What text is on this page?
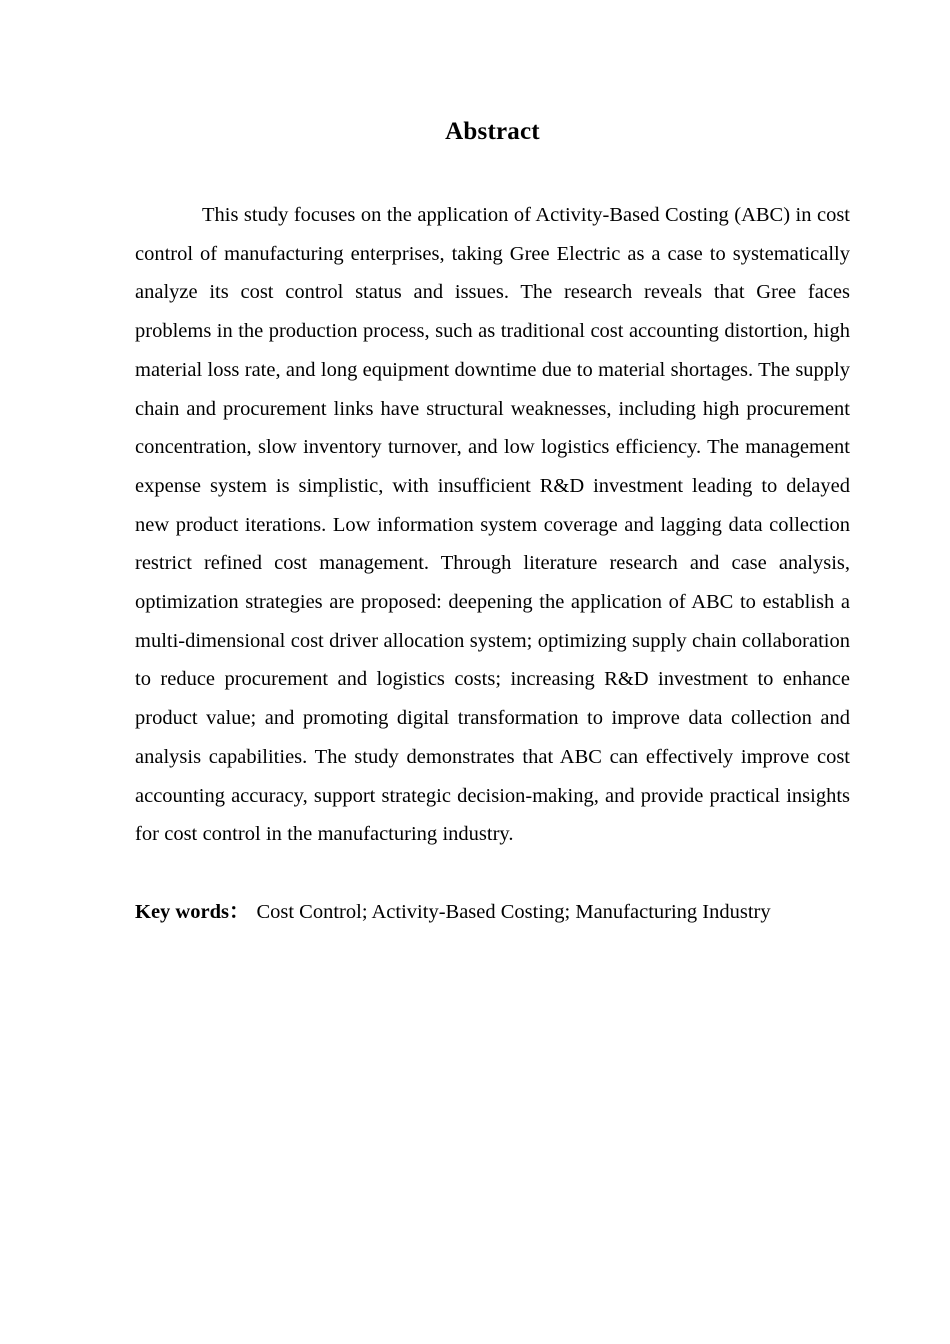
Abstract

This study focuses on the application of Activity-Based Costing (ABC) in cost control of manufacturing enterprises, taking Gree Electric as a case to systematically analyze its cost control status and issues. The research reveals that Gree faces problems in the production process, such as traditional cost accounting distortion, high material loss rate, and long equipment downtime due to material shortages. The supply chain and procurement links have structural weaknesses, including high procurement concentration, slow inventory turnover, and low logistics efficiency. The management expense system is simplistic, with insufficient R&D investment leading to delayed new product iterations. Low information system coverage and lagging data collection restrict refined cost management. Through literature research and case analysis, optimization strategies are proposed: deepening the application of ABC to establish a multi-dimensional cost driver allocation system; optimizing supply chain collaboration to reduce procurement and logistics costs; increasing R&D investment to enhance product value; and promoting digital transformation to improve data collection and analysis capabilities. The study demonstrates that ABC can effectively improve cost accounting accuracy, support strategic decision-making, and provide practical insights for cost control in the manufacturing industry.

Key words： Cost Control; Activity-Based Costing; Manufacturing Industry
